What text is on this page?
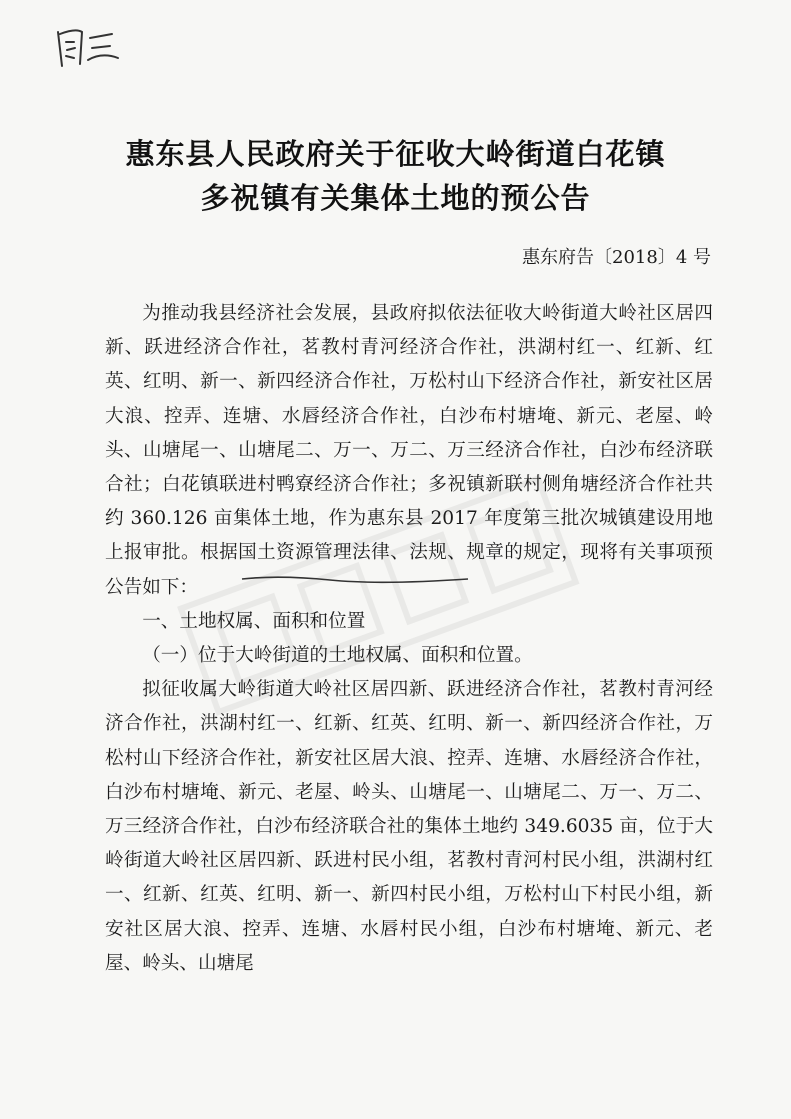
惠东县人民政府关于征收大岭街道白花镇
多祝镇有关集体土地的预公告
惠东府告〔2018〕4 号

为推动我县经济社会发展，县政府拟依法征收大岭街道大岭社区居四新、跃进经济合作社，茗教村青河经济合作社，洪湖村红一、红新、红英、红明、新一、新四经济合作社，万松村山下经济合作社，新安社区居大浪、控弄、连塘、水唇经济合作社，白沙布村塘埯、新元、老屋、岭头、山塘尾一、山塘尾二、万一、万二、万三经济合作社，白沙布经济联合社；白花镇联进村鸭寮经济合作社；多祝镇新联村侧角塘经济合作社共约 360.126 亩集体土地，作为惠东县 2017 年度第三批次城镇建设用地上报审批。根据国土资源管理法律、法规、规章的规定，现将有关事项预公告如下：

一、土地权属、面积和位置

（一）位于大岭街道的土地权属、面积和位置。

拟征收属大岭街道大岭社区居四新、跃进经济合作社，茗教村青河经济合作社，洪湖村红一、红新、红英、红明、新一、新四经济合作社，万松村山下经济合作社，新安社区居大浪、控弄、连塘、水唇经济合作社，白沙布村塘埯、新元、老屋、岭头、山塘尾一、山塘尾二、万一、万二、万三经济合作社，白沙布经济联合社的集体土地约 349.6035 亩，位于大岭街道大岭社区居四新、跃进村民小组，茗教村青河村民小组，洪湖村红一、红新、红英、红明、新一、新四村民小组，万松村山下村民小组，新安社区居大浪、控弄、连塘、水唇村民小组，白沙布村塘埯、新元、老屋、岭头、山塘尾
